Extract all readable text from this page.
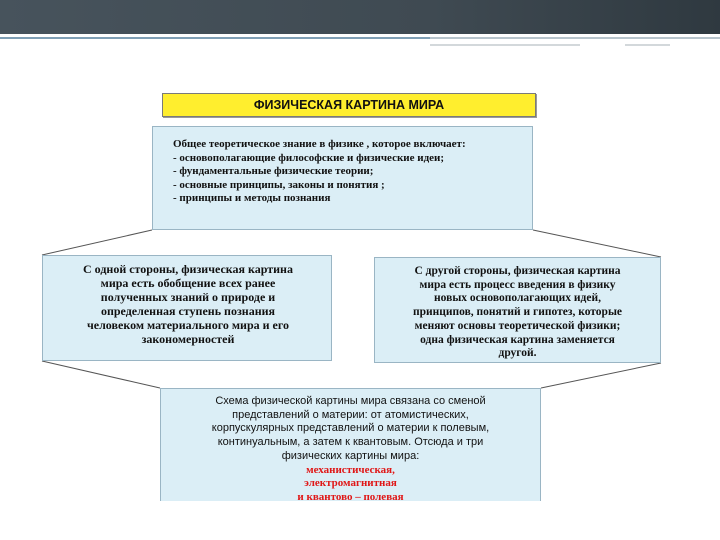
ФИЗИЧЕСКАЯ КАРТИНА МИРА
Общее теоретическое знание в физике , которое включает:
- основополагающие философские и физические идеи;
- фундаментальные физические теории;
- основные принципы, законы и понятия ;
- принципы и методы познания
С одной стороны, физическая картина
мира есть обобщение всех ранее
полученных знаний о природе и
определенная ступень познания
человеком материального мира и его
закономерностей
С другой стороны, физическая картина
мира есть процесс введения в физику
новых основополагающих идей,
принципов, понятий и гипотез, которые
меняют основы теоретической физики;
одна физическая картина заменяется
другой.
Схема физической картины мира связана со сменой
представлений о материи: от атомистических,
корпускулярных представлений о материи к полевым,
континуальным, а затем к квантовым. Отсюда и три
физических картины мира:
механистическая,
электромагнитная
и квантово – полевая
